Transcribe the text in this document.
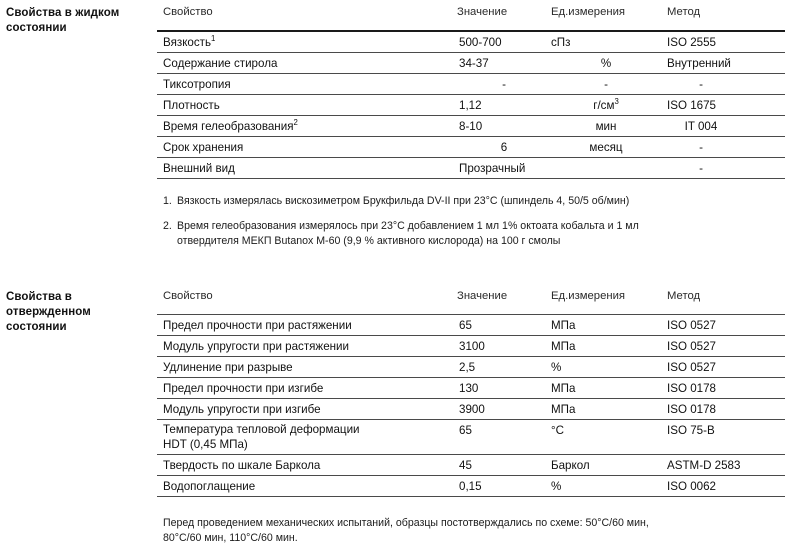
Свойства в жидком состоянии
Свойство	Значение	Ед.измерения	Метод
Вязкость$^1$	500-700	сПз	ISO 2555
Содержание стирола	34-37	%	Внутренний
Тиксотропия	-	-	-
Плотность	1,12	$г/см^3$	ISO 1675
Время гелеобразования$^2$	8-10	мин	IT 004
Срок хранения	6	месяц	-
Внешний вид	Прозрачный		-
1. Вязкость измерялась вискозиметром Брукфильда DV-II при 23°C (шпиндель 4, 50/5 об/мин)
2. Время гелеобразования измерялось при 23°C добавлением 1 мл 1% октоата кобальта и 1 мл
отвердителя МЕКП Butanox M-60 (9,9 % активного кислорода) на 100 г смолы
Свойства в отвержденном состоянии
Свойство	Значение	Ед.измерения	Метод
Предел прочности при растяжении	65	МПа	ISO 0527
Модуль упругости при растяжении	3100	МПа	ISO 0527
Удлинение при разрыве	2,5	%	ISO 0527
Предел прочности при изгибе	130	МПа	ISO 0178
Модуль упругости при изгибе	3900	МПа	ISO 0178
Температура тепловой деформации
HDT (0,45 МПа)	65	°C	ISO 75-B
Твердость по шкале Баркола	45	Баркол	ASTM-D 2583
Водопоглащение	0,15	%	ISO 0062
Перед проведением механических испытаний, образцы постотверждались по схеме: 50°C/60 мин,
80°C/60 мин, 110°C/60 мин.
